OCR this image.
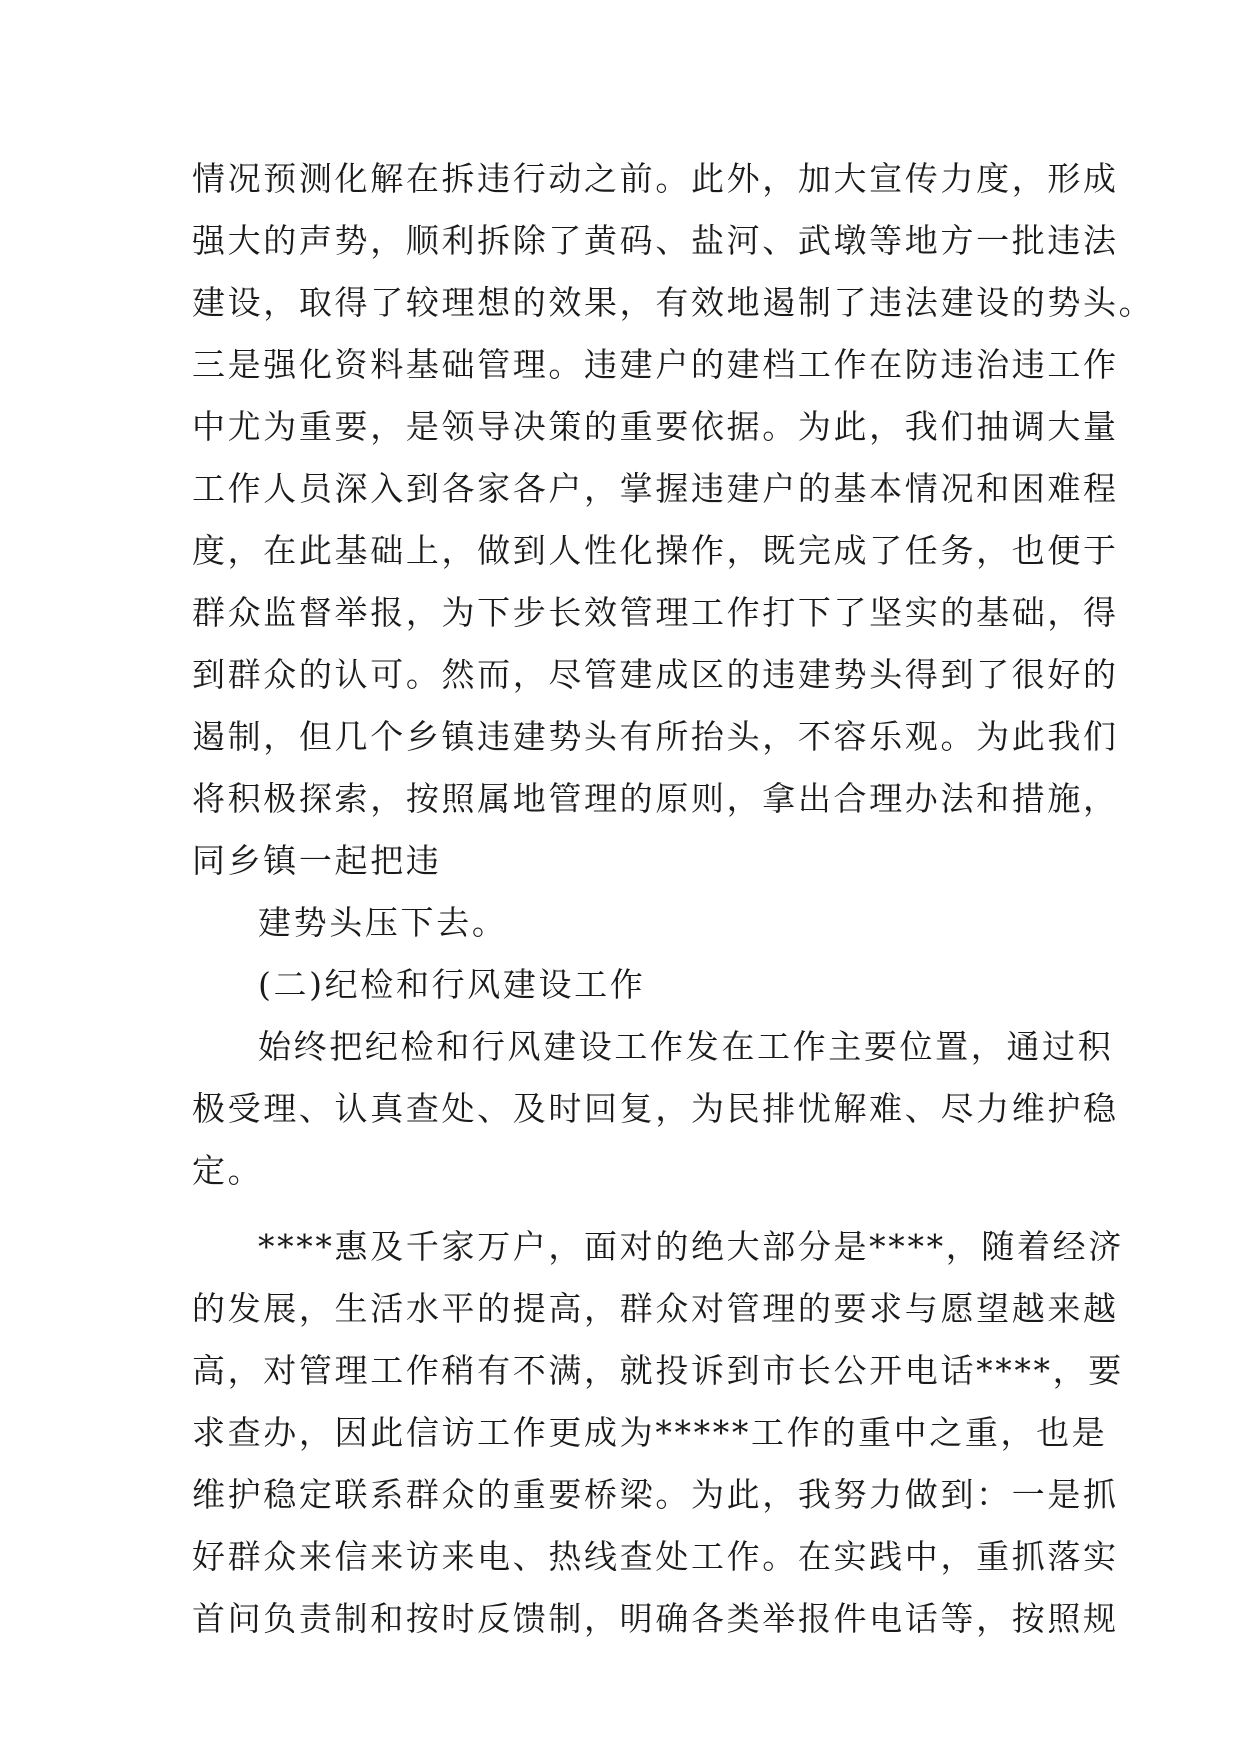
情况预测化解在拆违行动之前。此外，加大宣传力度，形成
强大的声势，顺利拆除了黄码、盐河、武墩等地方一批违法
建设，取得了较理想的效果，有效地遏制了违法建设的势头。
三是强化资料基础管理。违建户的建档工作在防违治违工作
中尤为重要，是领导决策的重要依据。为此，我们抽调大量
工作人员深入到各家各户，掌握违建户的基本情况和困难程
度，在此基础上，做到人性化操作，既完成了任务，也便于
群众监督举报，为下步长效管理工作打下了坚实的基础，得
到群众的认可。然而，尽管建成区的违建势头得到了很好的
遏制，但几个乡镇违建势头有所抬头，不容乐观。为此我们
将积极探索，按照属地管理的原则，拿出合理办法和措施，
同乡镇一起把违
建势头压下去。
(二)纪检和行风建设工作
始终把纪检和行风建设工作发在工作主要位置，通过积
极受理、认真查处、及时回复，为民排忧解难、尽力维护稳
定。
****惠及千家万户，面对的绝大部分是****，随着经济
的发展，生活水平的提高，群众对管理的要求与愿望越来越
高，对管理工作稍有不满，就投诉到市长公开电话****，要
求查办，因此信访工作更成为*****工作的重中之重，也是
维护稳定联系群众的重要桥梁。为此，我努力做到：一是抓
好群众来信来访来电、热线查处工作。在实践中，重抓落实
首问负责制和按时反馈制，明确各类举报件电话等，按照规
